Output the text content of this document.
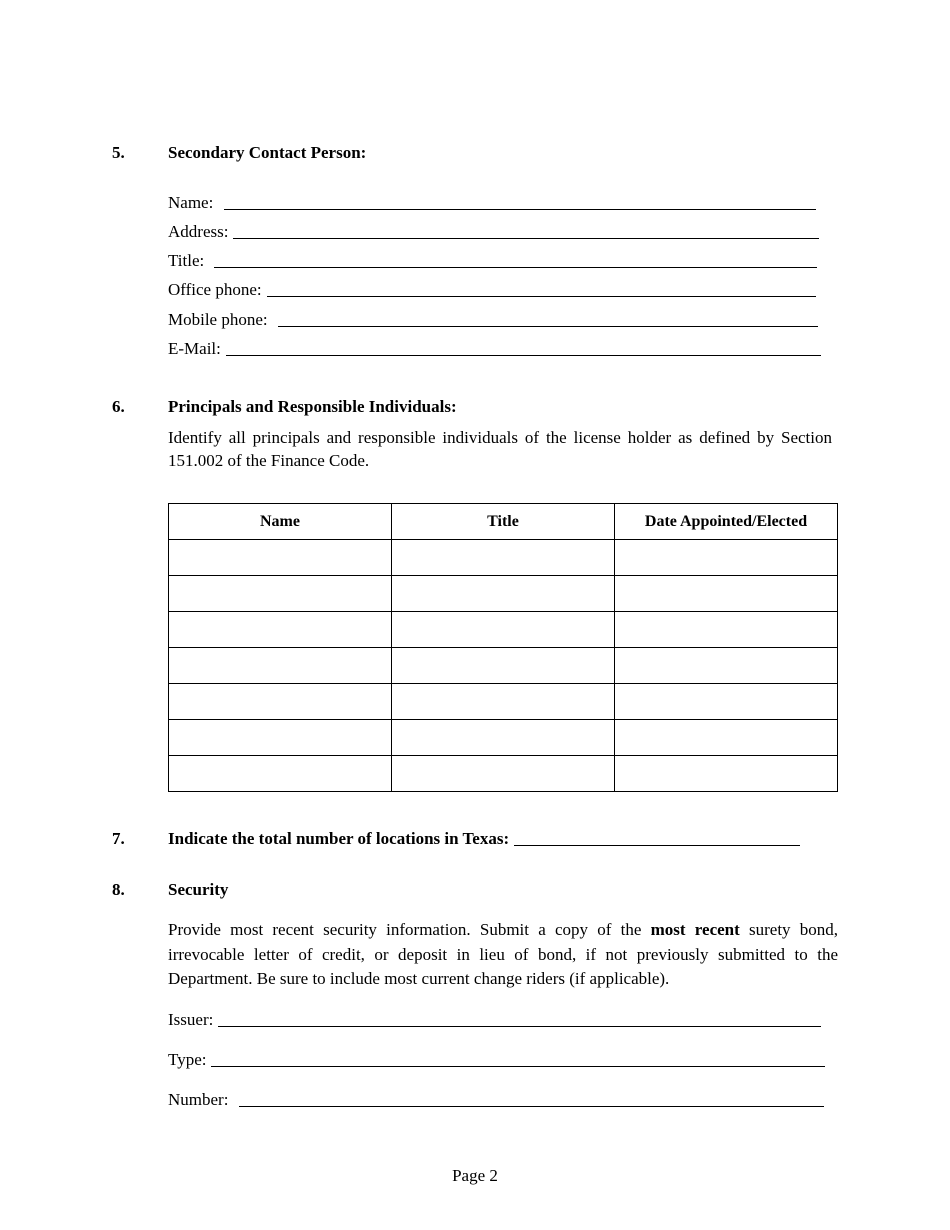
5.	Secondary Contact Person:
Name:
Address:
Title:
Office phone:
Mobile phone:
E-Mail:
6.	Principals and Responsible Individuals:
Identify all principals and responsible individuals of the license holder as defined by Section 151.002 of the Finance Code.
Name	Title	Date Appointed/Elected

7.	Indicate the total number of locations in Texas:
8.	Security
Provide most recent security information. Submit a copy of the most recent surety bond, irrevocable letter of credit, or deposit in lieu of bond, if not previously submitted to the Department. Be sure to include most current change riders (if applicable).
Issuer:
Type:
Number:
Page 2
